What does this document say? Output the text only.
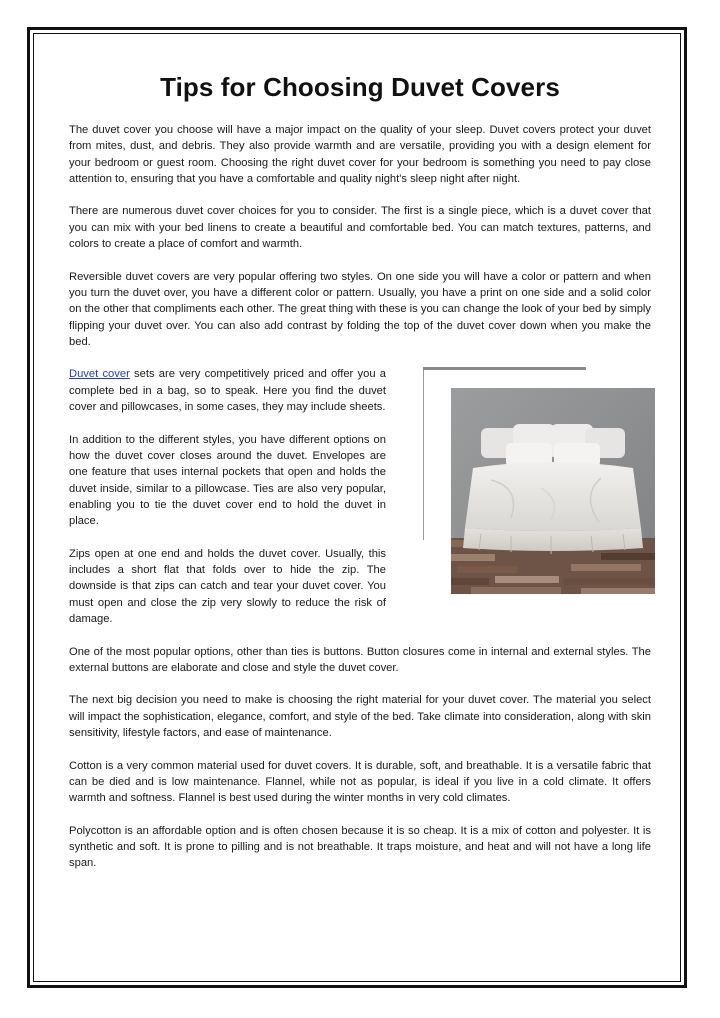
Tips for Choosing Duvet Covers

The duvet cover you choose will have a major impact on the quality of your sleep. Duvet covers protect your duvet from mites, dust, and debris. They also provide warmth and are versatile, providing you with a design element for your bedroom or guest room. Choosing the right duvet cover for your bedroom is something you need to pay close attention to, ensuring that you have a comfortable and quality night's sleep night after night.

There are numerous duvet cover choices for you to consider. The first is a single piece, which is a duvet cover that you can mix with your bed linens to create a beautiful and comfortable bed. You can match textures, patterns, and colors to create a place of comfort and warmth.

Reversible duvet covers are very popular offering two styles. On one side you will have a color or pattern and when you turn the duvet over, you have a different color or pattern. Usually, you have a print on one side and a solid color on the other that compliments each other. The great thing with these is you can change the look of your bed by simply flipping your duvet over. You can also add contrast by folding the top of the duvet cover down when you make the bed.

Duvet cover sets are very competitively priced and offer you a complete bed in a bag, so to speak. Here you find the duvet cover and pillowcases, in some cases, they may include sheets.

In addition to the different styles, you have different options on how the duvet cover closes around the duvet. Envelopes are one feature that uses internal pockets that open and holds the duvet inside, similar to a pillowcase. Ties are also very popular, enabling you to tie the duvet cover end to hold the duvet in place.

Zips open at one end and holds the duvet cover. Usually, this includes a short flat that folds over to hide the zip. The downside is that zips can catch and tear your duvet cover. You must open and close the zip very slowly to reduce the risk of damage.

One of the most popular options, other than ties is buttons. Button closures come in internal and external styles. The external buttons are elaborate and close and style the duvet cover.

The next big decision you need to make is choosing the right material for your duvet cover. The material you select will impact the sophistication, elegance, comfort, and style of the bed. Take climate into consideration, along with skin sensitivity, lifestyle factors, and ease of maintenance.

Cotton is a very common material used for duvet covers. It is durable, soft, and breathable. It is a versatile fabric that can be died and is low maintenance. Flannel, while not as popular, is ideal if you live in a cold climate. It offers warmth and softness. Flannel is best used during the winter months in very cold climates.

Polycotton is an affordable option and is often chosen because it is so cheap. It is a mix of cotton and polyester. It is synthetic and soft. It is prone to pilling and is not breathable. It traps moisture, and heat and will not have a long life span.
